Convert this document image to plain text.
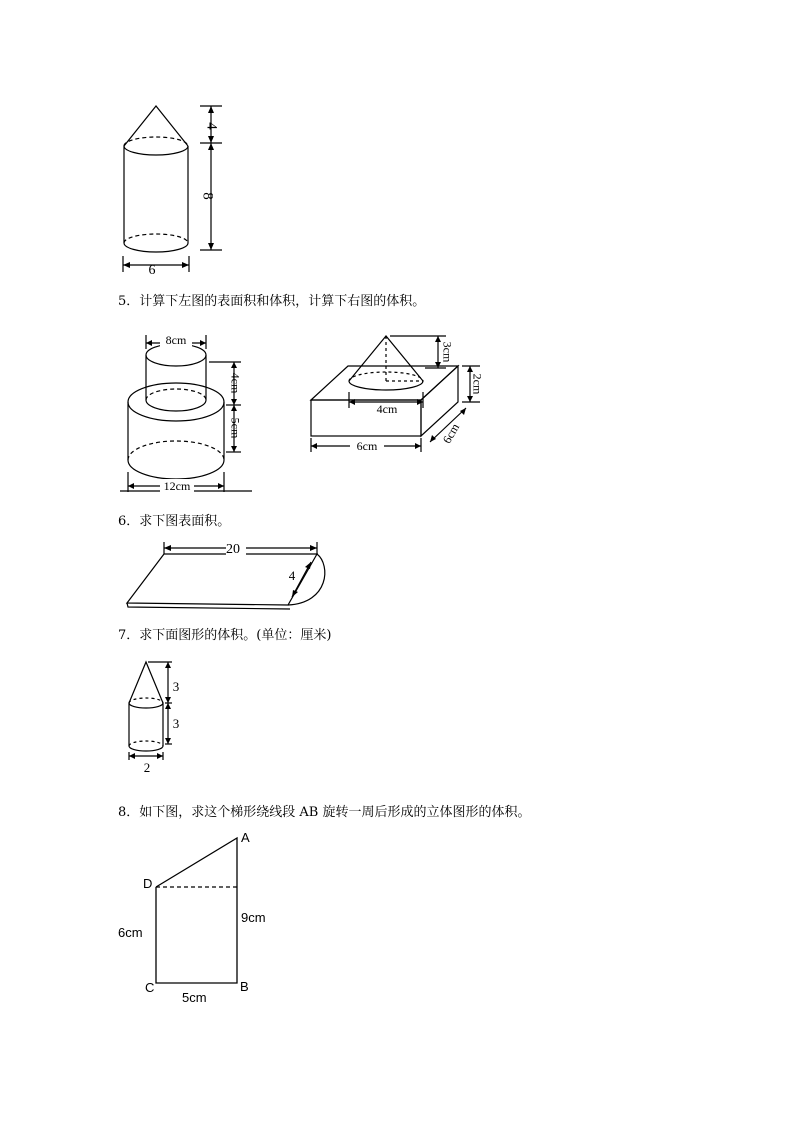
4
8
6
5．计算下左图的表面积和体积，计算下右图的体积。
8cm
4cm
5cm
12cm
3cm
2cm
4cm
6cm
6cm
6．求下图表面积。
20
4
7．求下面图形的体积。(单位：厘米)
3
3
2
8．如下图，求这个梯形绕线段 AB 旋转一周后形成的立体图形的体积。
A
D
C	B
6cm
9cm
5cm
